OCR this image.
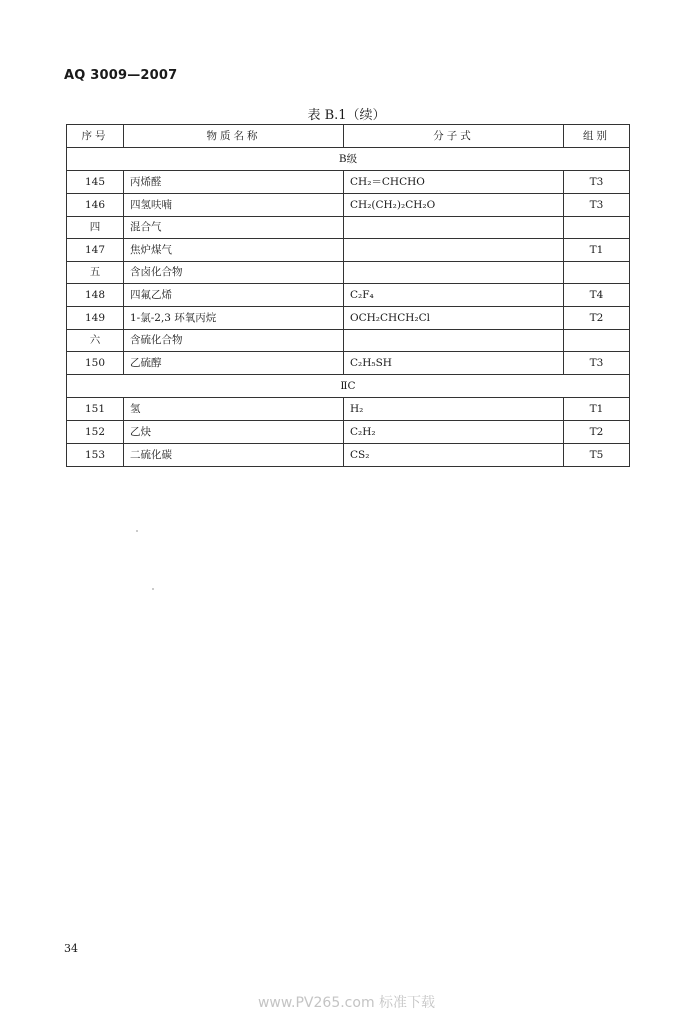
AQ 3009—2007
表 B.1（续）
序号	物质名称	分子式	组别
B级			
145	丙烯醛	CH₂＝CHCHO	T3
146	四氢呋喃	CH₂(CH₂)₂CH₂O	T3
四	混合气		
147	焦炉煤气		T1
五	含卤化合物		
148	四氟乙烯	C₂F₄	T4
149	1-氯-2,3 环氧丙烷	OCH₂CHCH₂Cl	T2
六	含硫化合物		
150	乙硫醇	C₂H₅SH	T3
ⅡC			
151	氢	H₂	T1
152	乙炔	C₂H₂	T2
153	二硫化碳	CS₂	T5
34
www.PV265.com 标准下载
